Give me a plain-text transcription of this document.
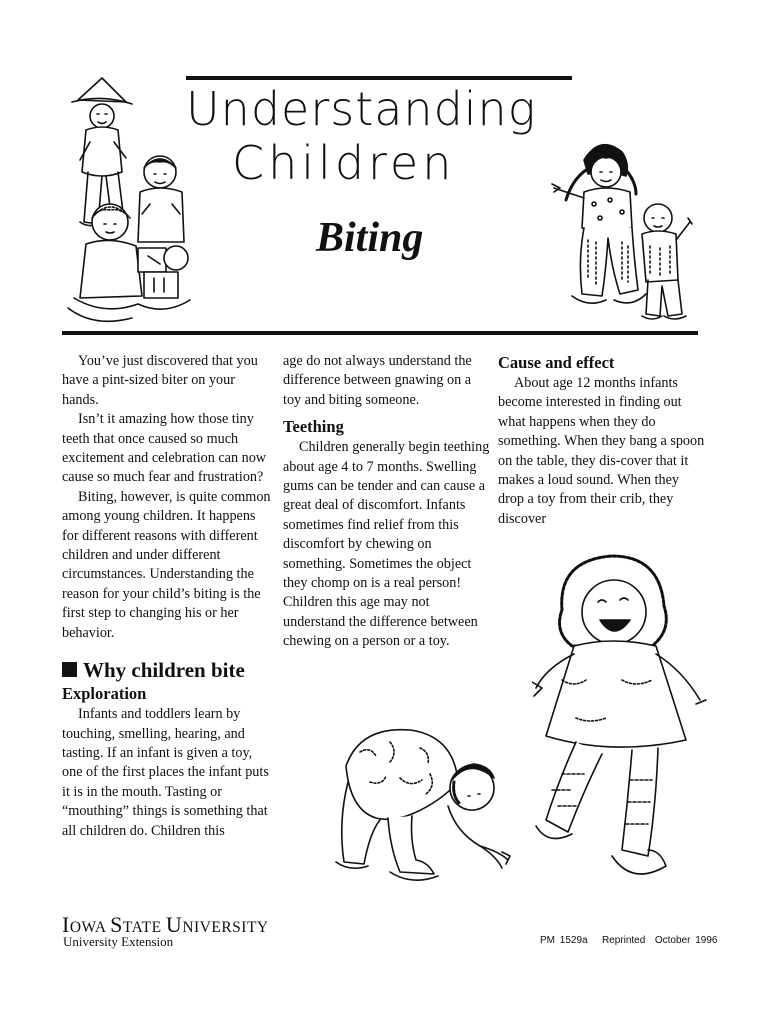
Understanding
Children
Biting

You’ve just discovered that you have a pint-sized biter on your hands.

Isn’t it amazing how those tiny teeth that once caused so much excitement and celebration can now cause so much fear and frustration?

Biting, however, is quite common among young children. It happens for different reasons with different children and under different circumstances. Understanding the reason for your child’s biting is the first step to changing his or her behavior.

Why children bite
Exploration

Infants and toddlers learn by touching, smelling, hearing, and tasting. If an infant is given a toy, one of the first places the infant puts it is in the mouth. Tasting or “mouthing” things is something that all children do. Children this

age do not always understand the difference between gnawing on a toy and biting someone.

Teething

Children generally begin teething about age 4 to 7 months. Swelling gums can be tender and can cause a great deal of discomfort. Infants sometimes find relief from this discomfort by chewing on something. Sometimes the object they chomp on is a real person! Children this age may not understand the difference between chewing on a person or a toy.

Cause and effect

About age 12 months infants become interested in finding out what happens when they do something. When they bang a spoon on the table, they dis-cover that it makes a loud sound. When they drop a toy from their crib, they discover

IOWA STATE UNIVERSITY
University Extension	PM 1529a Reprinted October 1996
